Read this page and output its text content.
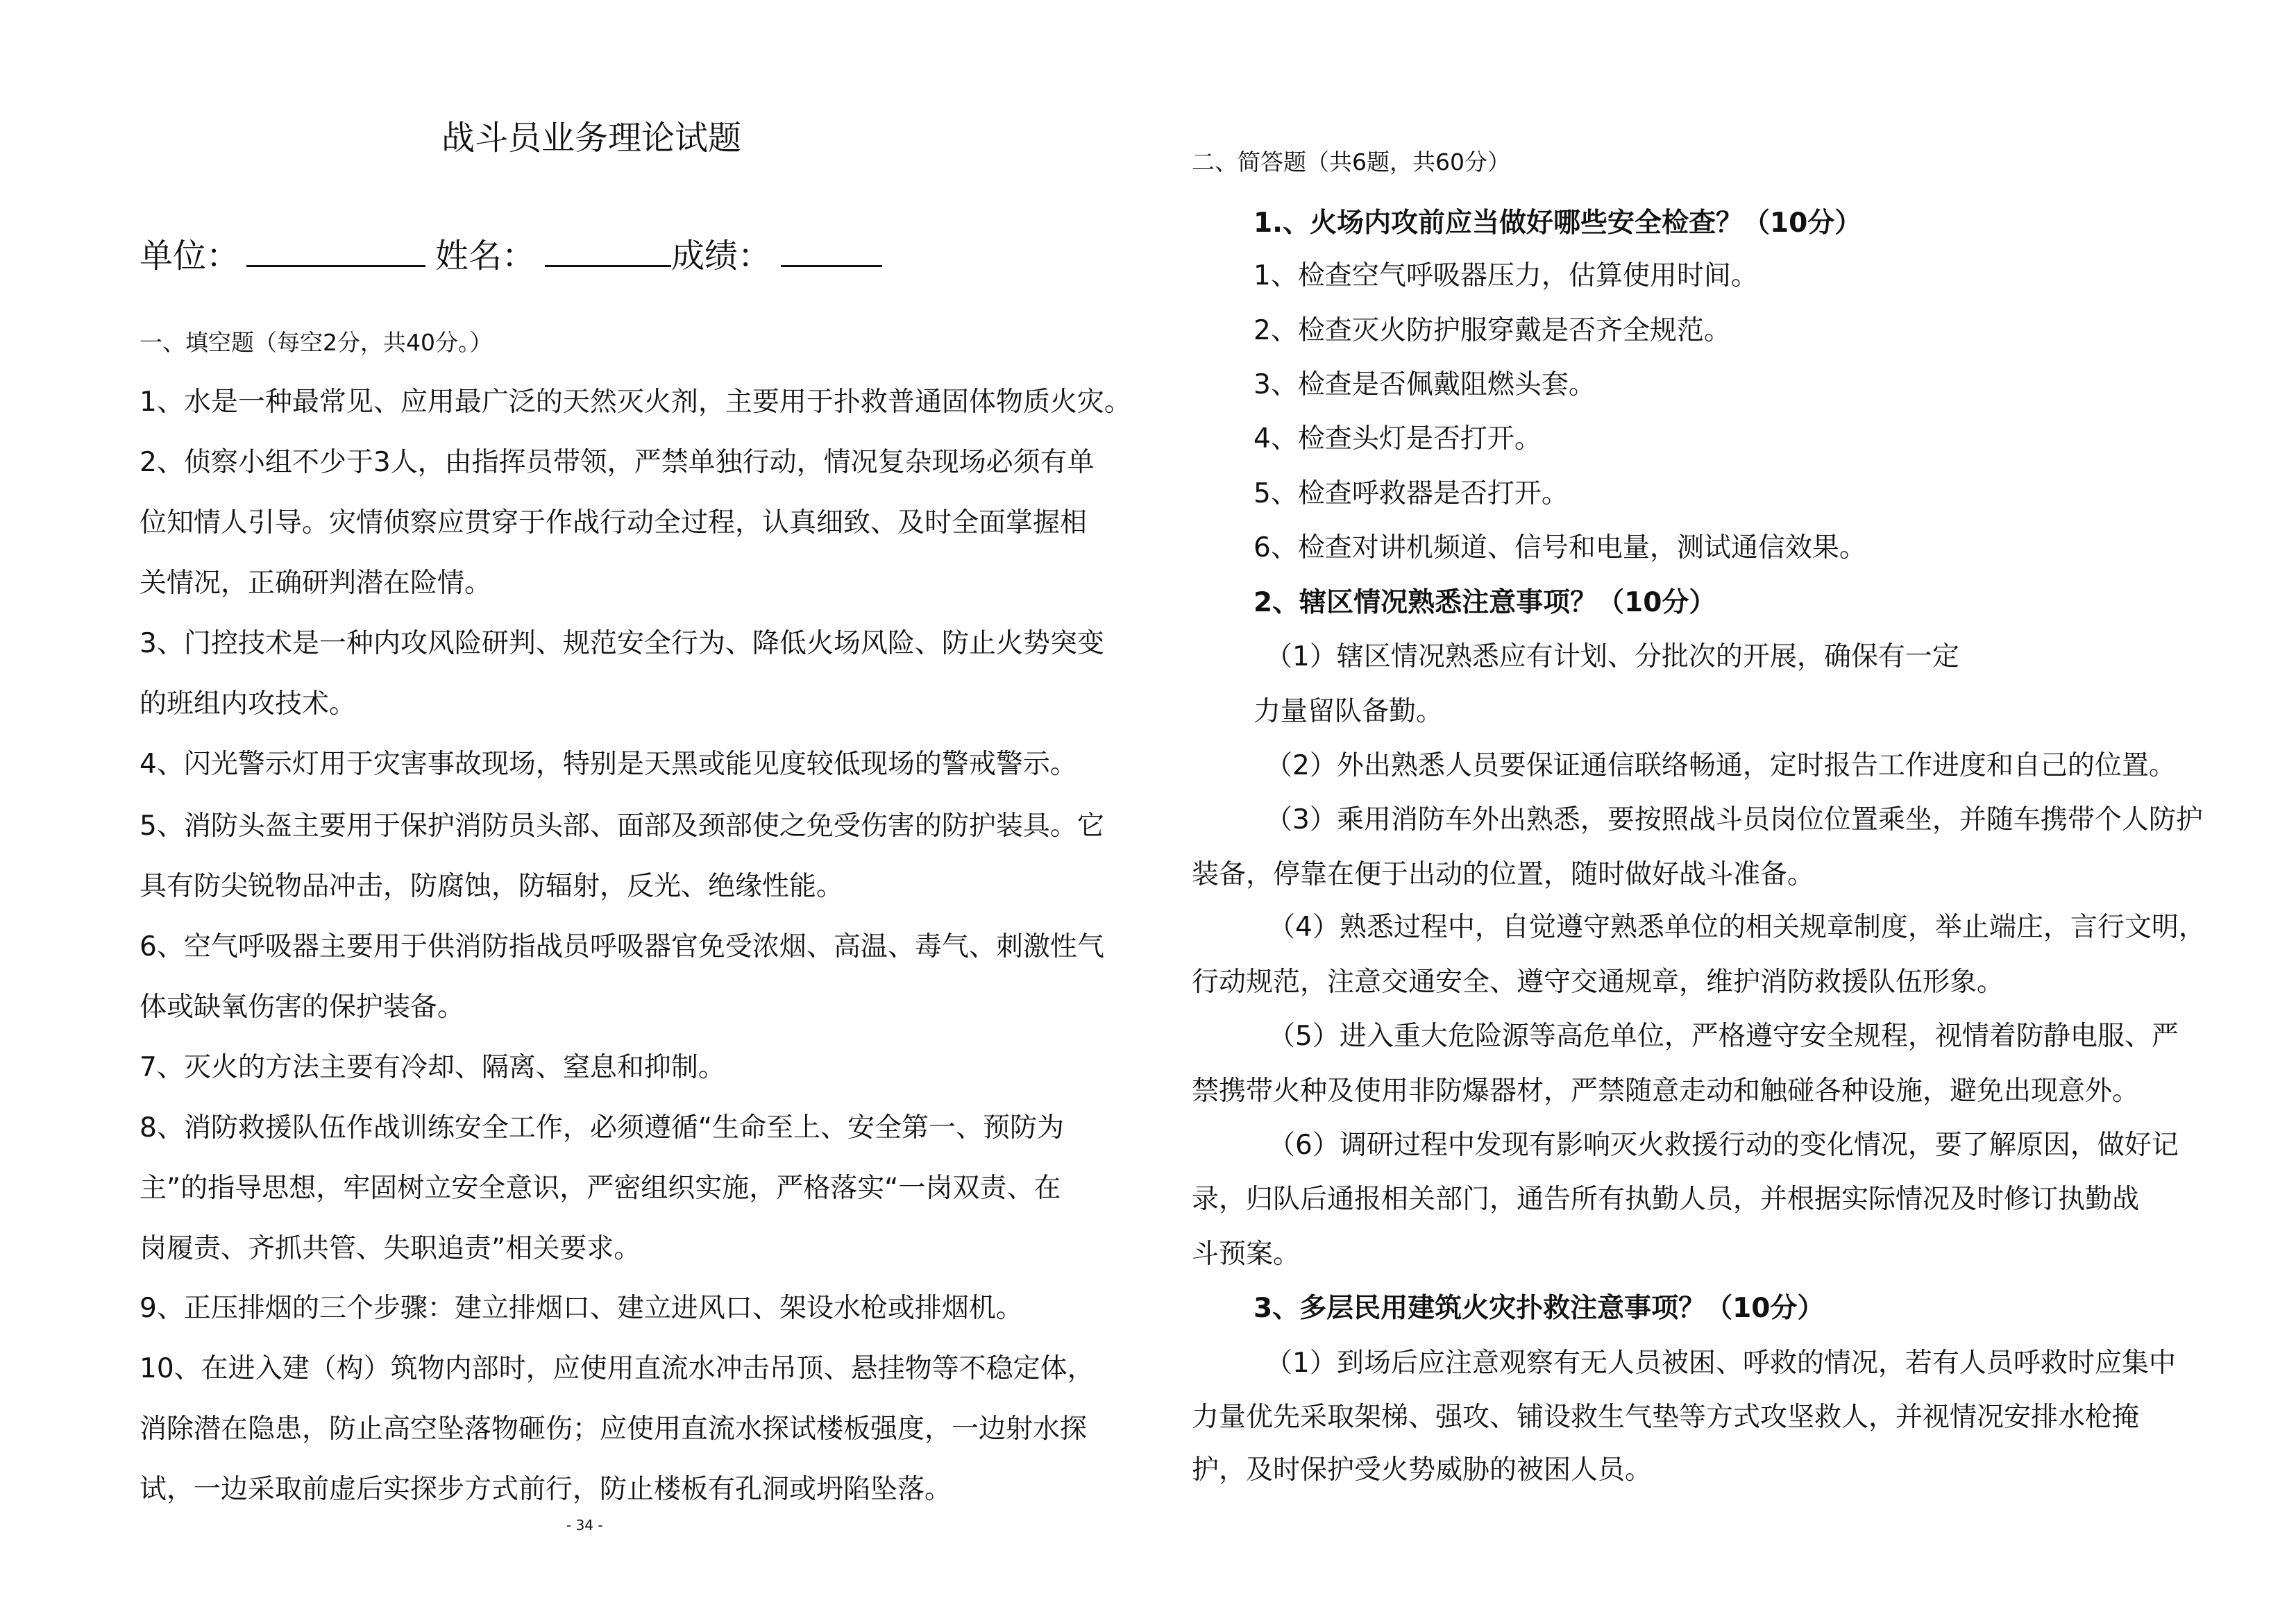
战斗员业务理论试题
单位：	姓名：	成绩：
一、填空题（每空2分，共40分。）
二、简答题（共6题，共60分）
- 34 -
1、水是一种最常见、应用最广泛的天然灭火剂，主要用于扑救普通固体物质火灾。
2、侦察小组不少于3人，由指挥员带领，严禁单独行动，情况复杂现场必须有单
位知情人引导。灾情侦察应贯穿于作战行动全过程，认真细致、及时全面掌握相
关情况，正确研判潜在险情。
3、门控技术是一种内攻风险研判、规范安全行为、降低火场风险、防止火势突变
的班组内攻技术。
4、闪光警示灯用于灾害事故现场，特别是天黑或能见度较低现场的警戒警示。
5、消防头盔主要用于保护消防员头部、面部及颈部使之免受伤害的防护装具。它
具有防尖锐物品冲击，防腐蚀，防辐射，反光、绝缘性能。
6、空气呼吸器主要用于供消防指战员呼吸器官免受浓烟、高温、毒气、刺激性气
体或缺氧伤害的保护装备。
7、灭火的方法主要有冷却、隔离、窒息和抑制。
8、消防救援队伍作战训练安全工作，必须遵循“生命至上、安全第一、预防为
主”的指导思想，牢固树立安全意识，严密组织实施，严格落实“一岗双责、在
岗履责、齐抓共管、失职追责”相关要求。
9、正压排烟的三个步骤：建立排烟口、建立进风口、架设水枪或排烟机。
10、在进入建（构）筑物内部时，应使用直流水冲击吊顶、悬挂物等不稳定体，
消除潜在隐患，防止高空坠落物砸伤；应使用直流水探试楼板强度，一边射水探
试，一边采取前虚后实探步方式前行，防止楼板有孔洞或坍陷坠落。
1.、火场内攻前应当做好哪些安全检查？（10分）
1、检查空气呼吸器压力，估算使用时间。
2、检查灭火防护服穿戴是否齐全规范。
3、检查是否佩戴阻燃头套。
4、检查头灯是否打开。
5、检查呼救器是否打开。
6、检查对讲机频道、信号和电量，测试通信效果。
2、辖区情况熟悉注意事项？（10分）
（1）辖区情况熟悉应有计划、分批次的开展，确保有一定
力量留队备勤。
（2）外出熟悉人员要保证通信联络畅通，定时报告工作进度和自己的位置。
（3）乘用消防车外出熟悉，要按照战斗员岗位位置乘坐，并随车携带个人防护
装备，停靠在便于出动的位置，随时做好战斗准备。
（4）熟悉过程中，自觉遵守熟悉单位的相关规章制度，举止端庄，言行文明，
行动规范，注意交通安全、遵守交通规章，维护消防救援队伍形象。
（5）进入重大危险源等高危单位，严格遵守安全规程，视情着防静电服、严
禁携带火种及使用非防爆器材，严禁随意走动和触碰各种设施，避免出现意外。
（6）调研过程中发现有影响灭火救援行动的变化情况，要了解原因，做好记
录，归队后通报相关部门，通告所有执勤人员，并根据实际情况及时修订执勤战
斗预案。
3、多层民用建筑火灾扑救注意事项？（10分）
（1）到场后应注意观察有无人员被困、呼救的情况，若有人员呼救时应集中
力量优先采取架梯、强攻、铺设救生气垫等方式攻坚救人，并视情况安排水枪掩
护，及时保护受火势威胁的被困人员。
